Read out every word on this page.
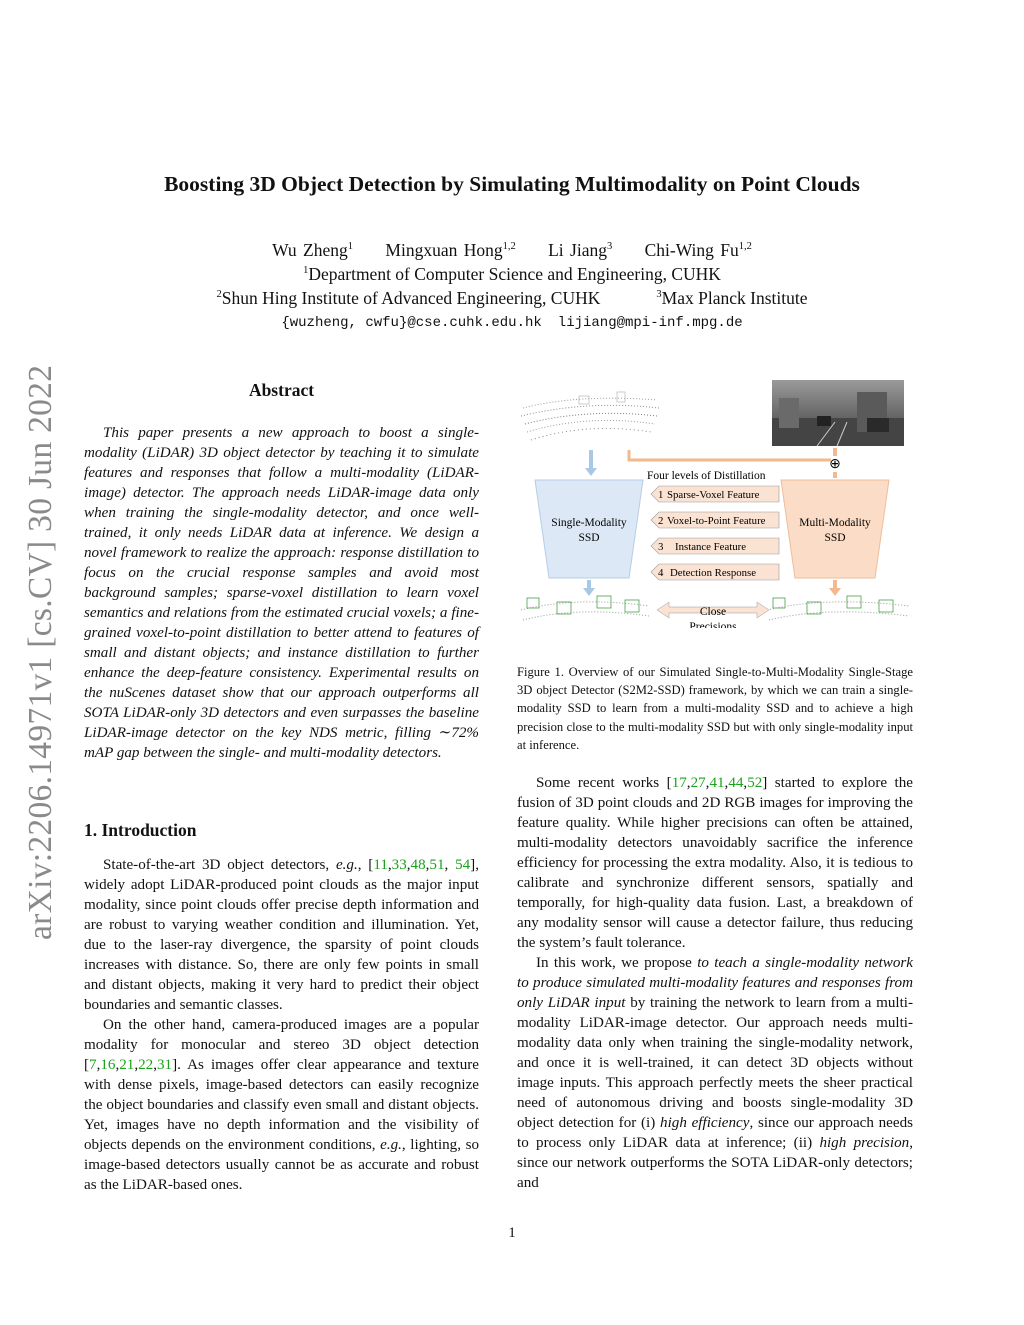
Boosting 3D Object Detection by Simulating Multimodality on Point Clouds
Wu Zheng$^1$ Mingxuan Hong$^{1,2}$ Li Jiang$^3$ Chi-Wing Fu$^{1,2}$
$^1$Department of Computer Science and Engineering, CUHK
$^2$Shun Hing Institute of Advanced Engineering, CUHK	$^3$Max Planck Institute
{wuzheng, cwfu}@cse.cuhk.edu.hk lijiang@mpi-inf.mpg.de
arXiv:2206.14971v1 [cs.CV] 30 Jun 2022	Abstract
This paper presents a new approach to boost a single-modality (LiDAR) 3D object detector by teaching it to simulate features and responses that follow a multi-modality (LiDAR-image) detector. The approach needs LiDAR-image data only when training the single-modality detector, and once well-trained, it only needs LiDAR data at inference. We design a novel framework to realize the approach: response distillation to focus on the crucial response samples and avoid most background samples; sparse-voxel distillation to learn voxel semantics and relations from the estimated crucial voxels; a fine-grained voxel-to-point distillation to better attend to features of small and distant objects; and instance distillation to further enhance the deep-feature consistency. Experimental results on the nuScenes dataset show that our approach outperforms all SOTA LiDAR-only 3D detectors and even surpasses the baseline LiDAR-image detector on the key NDS metric, filling ∼72% mAP gap between the single- and multi-modality detectors.
1. Introduction

State-of-the-art 3D object detectors, e.g., [11,33,48,51, 54], widely adopt LiDAR-produced point clouds as the major input modality, since point clouds offer precise depth information and are robust to varying weather condition and illumination. Yet, due to the laser-ray divergence, the sparsity of point clouds increases with distance. So, there are only few points in small and distant objects, making it very hard to predict their object boundaries and semantic classes.

On the other hand, camera-produced images are a popular modality for monocular and stereo 3D object detection [7,16,21,22,31]. As images offer clear appearance and texture with dense pixels, image-based detectors can easily recognize the object boundaries and classify even small and distant objects. Yet, images have no depth information and the visibility of objects depends on the environment conditions, e.g., lighting, so image-based detectors usually cannot be as accurate and robust as the LiDAR-based ones.

⊕
Single-Modality
SSD
Multi-Modality
SSD
Four levels of Distillation
1 Sparse-Voxel Feature
2 Voxel-to-Point Feature
3 Instance Feature
4 Detection Response
Close
Precisions
Figure 1. Overview of our Simulated Single-to-Multi-Modality Single-Stage 3D object Detector (S2M2-SSD) framework, by which we can train a single-modality SSD to learn from a multi-modality SSD and to achieve a high precision close to the multi-modality SSD but with only single-modality input at inference.

Some recent works [17,27,41,44,52] started to explore the fusion of 3D point clouds and 2D RGB images for improving the feature quality. While higher precisions can often be attained, multi-modality detectors unavoidably sacrifice the inference efficiency for processing the extra modality. Also, it is tedious to calibrate and synchronize different sensors, spatially and temporally, for high-quality data fusion. Last, a breakdown of any modality sensor will cause a detector failure, thus reducing the system’s fault tolerance.

In this work, we propose to teach a single-modality network to produce simulated multi-modality features and responses from only LiDAR input by training the network to learn from a multi-modality LiDAR-image detector. Our approach needs multi-modality data only when training the single-modality network, and once it is well-trained, it can detect 3D objects without image inputs. This approach perfectly meets the sheer practical need of autonomous driving and boosts single-modality 3D object detection for (i) high efficiency, since our approach needs to process only LiDAR data at inference; (ii) high precision, since our network outperforms the SOTA LiDAR-only detectors; and

1
